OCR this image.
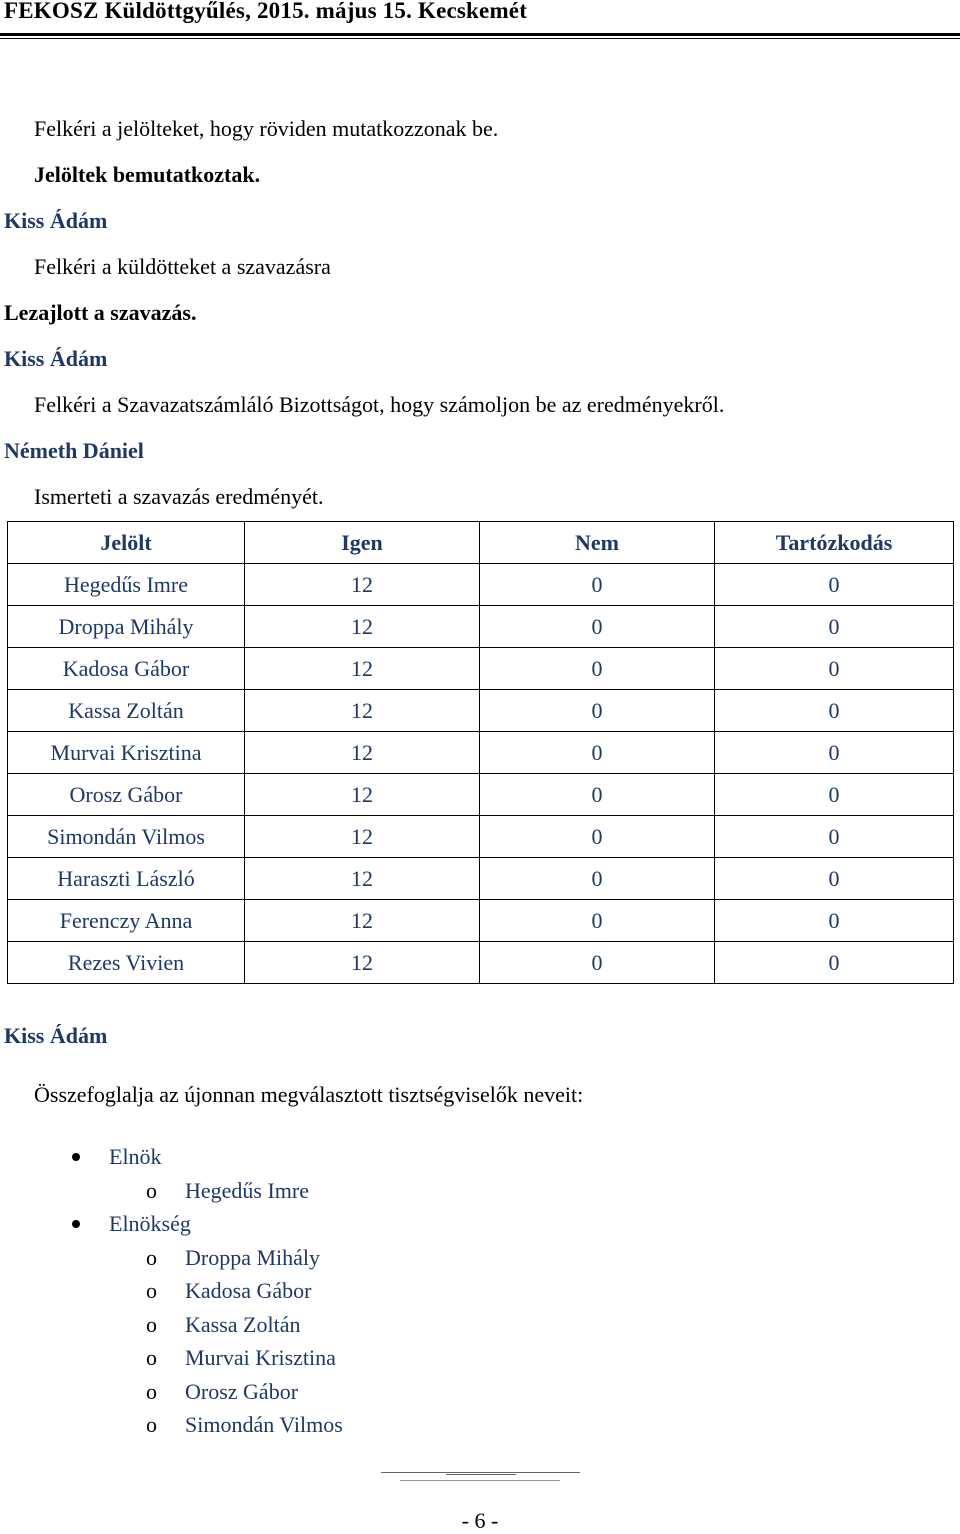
FEKOSZ Küldöttgyűlés, 2015. május 15. Kecskemét
Felkéri a jelölteket, hogy röviden mutatkozzonak be.
Jelöltek bemutatkoztak.
Kiss Ádám
Felkéri a küldötteket a szavazásra
Lezajlott a szavazás.
Kiss Ádám
Felkéri a Szavazatszámláló Bizottságot, hogy számoljon be az eredményekről.
Németh Dániel
Ismerteti a szavazás eredményét.
Jelölt	Igen	Nem	Tartózkodás
Hegedűs Imre	12	0	0
Droppa Mihály	12	0	0
Kadosa Gábor	12	0	0
Kassa Zoltán	12	0	0
Murvai Krisztina	12	0	0
Orosz Gábor	12	0	0
Simondán Vilmos	12	0	0
Haraszti László	12	0	0
Ferenczy Anna	12	0	0
Rezes Vivien	12	0	0
Kiss Ádám
Összefoglalja az újonnan megválasztott tisztségviselők neveit:
Elnök
o Hegedűs Imre
Elnökség
o Droppa Mihály
o Kadosa Gábor
o Kassa Zoltán
o Murvai Krisztina
o Orosz Gábor
o Simondán Vilmos
- 6 -
